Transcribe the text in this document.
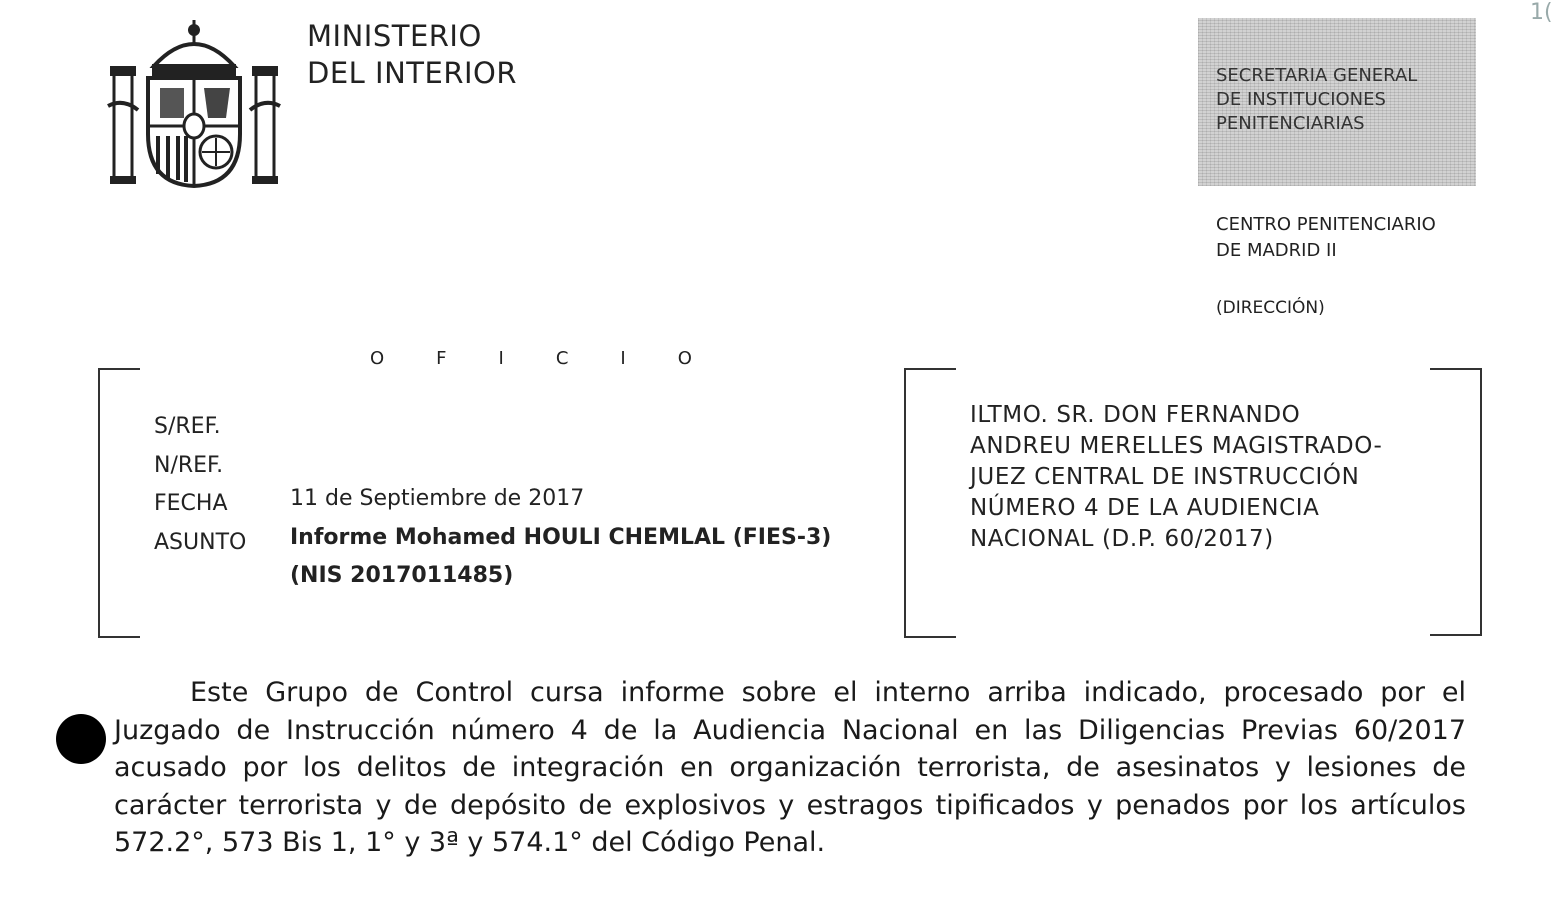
MINISTERIO
DEL INTERIOR
1(
SECRETARIA GENERAL
DE INSTITUCIONES
PENITENCIARIAS
CENTRO PENITENCIARIO
DE MADRID II
(DIRECCIÓN)
OFICIO
S/REF.
N/REF.
FECHA
ASUNTO
11 de Septiembre de 2017
Informe Mohamed HOULI CHEMLAL (FIES-3)
(NIS 2017011485)
ILTMO. SR. DON FERNANDO
ANDREU MERELLES MAGISTRADO-
JUEZ CENTRAL DE INSTRUCCIÓN
NÚMERO 4 DE LA AUDIENCIA
NACIONAL (D.P. 60/2017)
Este Grupo de Control cursa informe sobre el interno arriba indicado, procesado por el Juzgado de Instrucción número 4 de la Audiencia Nacional en las Diligencias Previas 60/2017 acusado por los delitos de integración en organización terrorista, de asesinatos y lesiones de carácter terrorista y de depósito de explosivos y estragos tipificados y penados por los artículos 572.2°, 573 Bis 1, 1° y 3ª y 574.1° del Código Penal.
